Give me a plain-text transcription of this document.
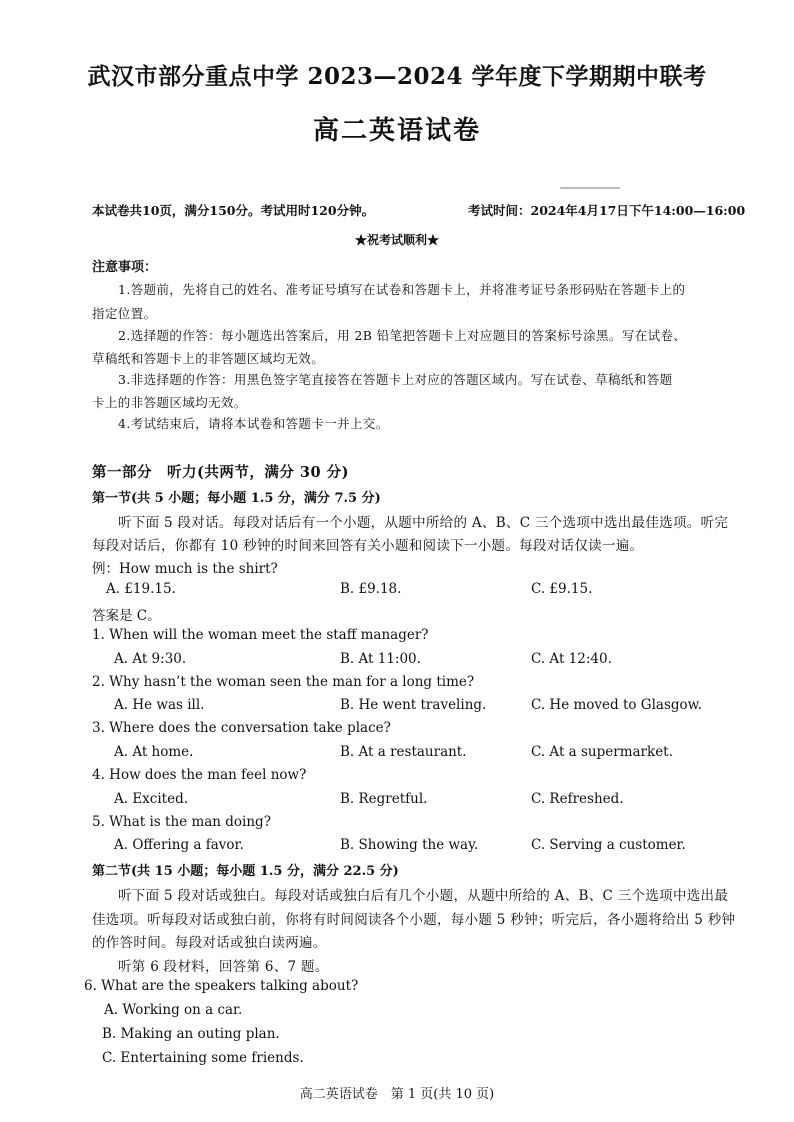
武汉市部分重点中学 2023—2024 学年度下学期期中联考
高二英语试卷
本试卷共10页，满分150分。考试用时120分钟。	考试时间：2024年4月17日下午14:00—16:00
★祝考试顺利★
注意事项：
1.答题前，先将自己的姓名、准考证号填写在试卷和答题卡上，并将准考证号条形码贴在答题卡上的
指定位置。
2.选择题的作答：每小题选出答案后，用 2B 铅笔把答题卡上对应题目的答案标号涂黑。写在试卷、
草稿纸和答题卡上的非答题区域均无效。
3.非选择题的作答：用黑色签字笔直接答在答题卡上对应的答题区域内。写在试卷、草稿纸和答题
卡上的非答题区域均无效。
4.考试结束后，请将本试卷和答题卡一并上交。
第一部分　听力(共两节，满分 30 分)
第一节(共 5 小题；每小题 1.5 分，满分 7.5 分)
听下面 5 段对话。每段对话后有一个小题，从题中所给的 A、B、C 三个选项中选出最佳选项。听完
每段对话后，你都有 10 秒钟的时间来回答有关小题和阅读下一小题。每段对话仅读一遍。
例：How much is the shirt?
A. £19.15.	B. £9.18.	C. £9.15.
答案是 C。
1. When will the woman meet the staff manager?
A. At 9:30.	B. At 11:00.	C. At 12:40.
2. Why hasn’t the woman seen the man for a long time?
A. He was ill.	B. He went traveling.	C. He moved to Glasgow.
3. Where does the conversation take place?
A. At home.	B. At a restaurant.	C. At a supermarket.
4. How does the man feel now?
A. Excited.	B. Regretful.	C. Refreshed.
5. What is the man doing?
A. Offering a favor.	B. Showing the way.	C. Serving a customer.
第二节(共 15 小题；每小题 1.5 分，满分 22.5 分)
听下面 5 段对话或独白。每段对话或独白后有几个小题，从题中所给的 A、B、C 三个选项中选出最
佳选项。听每段对话或独白前，你将有时间阅读各个小题，每小题 5 秒钟；听完后，各小题将给出 5 秒钟
的作答时间。每段对话或独白读两遍。
听第 6 段材料，回答第 6、7 题。
6. What are the speakers talking about?
A. Working on a car.
B. Making an outing plan.
C. Entertaining some friends.
高二英语试卷　第 1 页(共 10 页)
